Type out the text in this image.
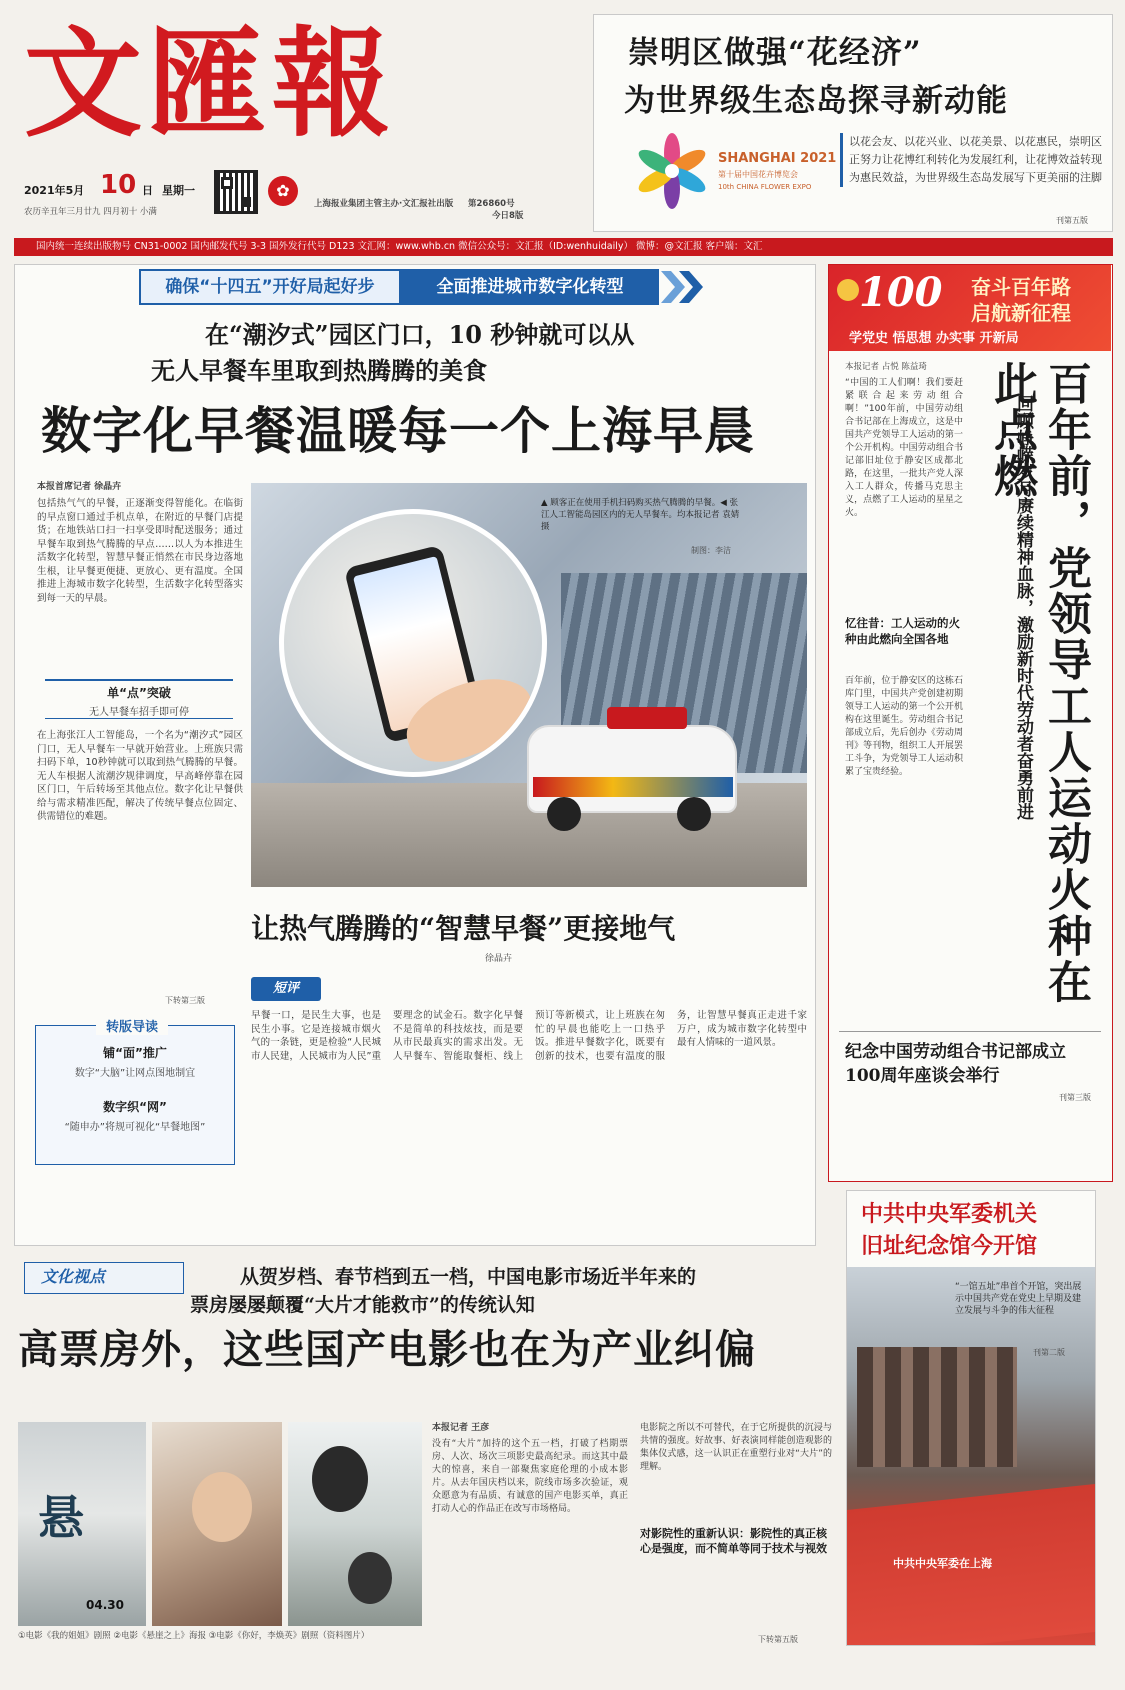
文匯報
2021年5月 10 日 星期一
农历辛丑年三月廿九 四月初十 小满
✿
上海报业集团主管主办·文汇报社出版 第26860号
今日8版
崇明区做强“花经济”
为世界级生态岛探寻新动能
SHANGHAI 2021
第十届中国花卉博览会
10th CHINA FLOWER EXPO
以花会友、以花兴业、以花美景、以花惠民，崇明区正努力让花博红利转化为发展红利，让花博效益转现为惠民效益，为世界级生态岛发展写下更美丽的注脚
刊第五版
国内统一连续出版物号 CN31-0002 国内邮发代号 3-3 国外发行代号 D123 文汇网：www.whb.cn 微信公众号：文汇报（ID:wenhuidaily） 微博：@文汇报 客户端：文汇
确保“十四五”开好局起好步	全面推进城市数字化转型
在“潮汐式”园区门口，10 秒钟就可以从
无人早餐车里取到热腾腾的美食
数字化早餐温暖每一个上海早晨
本报首席记者 徐晶卉
包括热气气的早餐，正逐渐变得智能化。在临街的早点窗口通过手机点单，在附近的早餐门店提货；在地铁站口扫一扫享受即时配送服务；通过早餐车取到热气腾腾的早点……以人为本推进生活数字化转型，智慧早餐正悄然在市民身边落地生根，让早餐更便捷、更放心、更有温度。全国推进上海城市数字化转型，生活数字化转型落实到每一天的早晨。
▲ 顾客正在使用手机扫码购买热气腾腾的早餐。◀ 张江人工智能岛园区内的无人早餐车。均本报记者 袁婧摄
制图：李洁
单“点”突破
无人早餐车招手即可停
在上海张江人工智能岛，一个名为“潮汐式”园区门口，无人早餐车一早就开始营业。上班族只需扫码下单，10秒钟就可以取到热气腾腾的早餐。无人车根据人流潮汐规律调度，早高峰停靠在园区门口，午后转场至其他点位。数字化让早餐供给与需求精准匹配，解决了传统早餐点位固定、供需错位的难题。
下转第三版
转版导读
铺“面”推广
数字“大脑”让网点图地制宜
数字织“网”
“随申办”将规可视化“早餐地图”
让热气腾腾的“智慧早餐”更接地气
徐晶卉
短评
早餐一口，是民生大事，也是民生小事。它是连接城市烟火气的一条链，更是检验“人民城市人民建，人民城市为人民”重要理念的试金石。数字化早餐不是简单的科技炫技，而是要从市民最真实的需求出发。无人早餐车、智能取餐柜、线上预订等新模式，让上班族在匆忙的早晨也能吃上一口热乎饭。推进早餐数字化，既要有创新的技术，也要有温度的服务，让智慧早餐真正走进千家万户，成为城市数字化转型中最有人情味的一道风景。
100 奋斗百年路
启航新征程
学党史 悟思想 办实事 开新局
本报记者 占悦 陈益琦
“中国的工人们啊！我们要赶紧联合起来劳动组合啊！”100年前，中国劳动组合书记部在上海成立，这是中国共产党领导工人运动的第一个公开机构。中国劳动组合书记部旧址位于静安区成都北路，在这里，一批共产党人深入工人群众，传播马克思主义，点燃了工人运动的星星之火。	百年前，党领导工人运动火种在此点燃
回顾峥嵘岁月赓续精神血脉，激励新时代劳动者奋勇前进
忆往昔：工人运动的火种由此燃向全国各地
百年前，位于静安区的这栋石库门里，中国共产党创建初期领导工人运动的第一个公开机构在这里诞生。劳动组合书记部成立后，先后创办《劳动周刊》等刊物，组织工人开展罢工斗争，为党领导工人运动积累了宝贵经验。
纪念中国劳动组合书记部成立100周年座谈会举行
刊第三版
中共中央军委机关
旧址纪念馆今开馆
“一馆五址”串首个开馆，突出展示中国共产党在党史上早期及建立发展与斗争的伟大征程
刊第二版
中共中央军委在上海
文化视点	从贺岁档、春节档到五一档，中国电影市场近半年来的
票房屡屡颠覆“大片才能救市”的传统认知
高票房外，这些国产电影也在为产业纠偏
悬
04.30
①电影《我的姐姐》剧照 ②电影《悬崖之上》海报 ③电影《你好，李焕英》剧照（资料图片）
本报记者 王彦
没有“大片”加持的这个五一档，打破了档期票房、人次、场次三项影史最高纪录。而这其中最大的惊喜，来自一部聚焦家庭伦理的小成本影片。从去年国庆档以来，院线市场多次验证，观众愿意为有品质、有诚意的国产电影买单，真正打动人心的作品正在改写市场格局。
电影院之所以不可替代，在于它所提供的沉浸与共情的强度。好故事、好表演同样能创造观影的集体仪式感，这一认识正在重塑行业对“大片”的理解。
对影院性的重新认识：影院性的真正核心是强度，而不简单等同于技术与视效
下转第五版
